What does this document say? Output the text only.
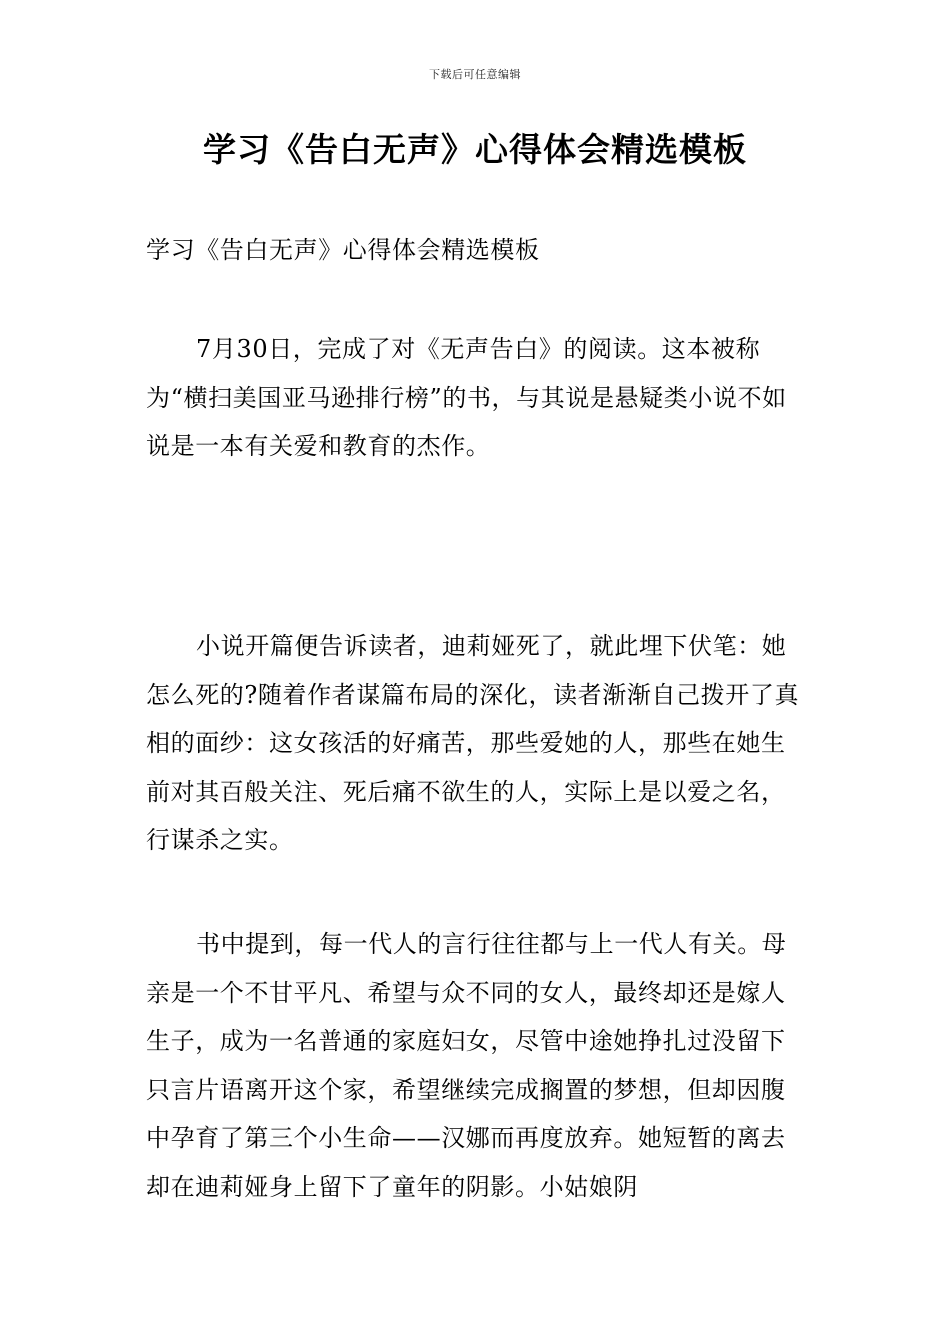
下载后可任意编辑
学习《告白无声》心得体会精选模板
学习《告白无声》心得体会精选模板

7月30日，完成了对《无声告白》的阅读。这本被称为“横扫美国亚马逊排行榜”的书，与其说是悬疑类小说不如说是一本有关爱和教育的杰作。

小说开篇便告诉读者，迪莉娅死了，就此埋下伏笔：她怎么死的?随着作者谋篇布局的深化，读者渐渐自己拨开了真相的面纱：这女孩活的好痛苦，那些爱她的人，那些在她生前对其百般关注、死后痛不欲生的人，实际上是以爱之名，行谋杀之实。

书中提到，每一代人的言行往往都与上一代人有关。母亲是一个不甘平凡、希望与众不同的女人，最终却还是嫁人生子，成为一名普通的家庭妇女，尽管中途她挣扎过没留下只言片语离开这个家，希望继续完成搁置的梦想，但却因腹中孕育了第三个小生命——汉娜而再度放弃。她短暂的离去却在迪莉娅身上留下了童年的阴影。小姑娘阴
